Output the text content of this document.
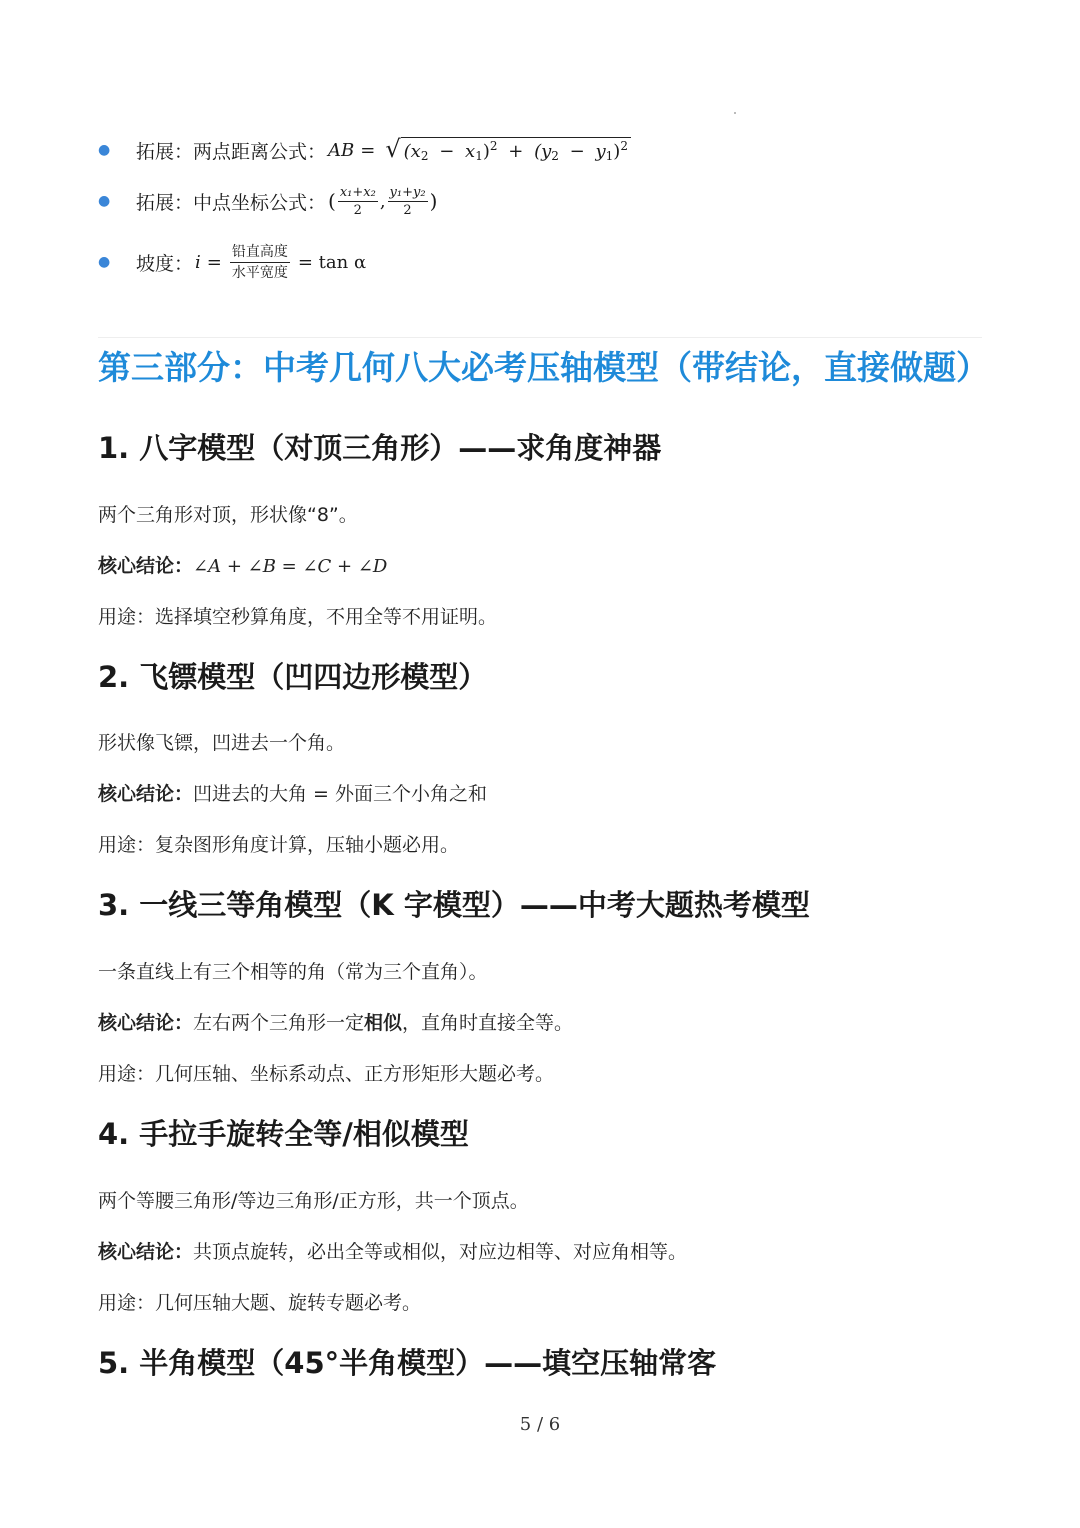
●	拓展：两点距离公式： AB = √ $(x_2 - x_1)^2 + (y_2 - y_1)^2$
●	拓展：中点坐标公式： ( $\frac{\text{x₁+x₂}}{2}$ , $\frac{\text{y₁+y₂}}{2}$ )
●	坡度： $i = \frac{\text{铅直高度}}{\text{水平宽度}} = \tan \alpha$
第三部分：中考几何八大必考压轴模型（带结论，直接做题）
1. 八字模型（对顶三角形）——求角度神器
两个三角形对顶，形状像“8”。
核心结论：∠A + ∠B = ∠C + ∠D
用途：选择填空秒算角度，不用全等不用证明。
2. 飞镖模型（凹四边形模型）
形状像飞镖，凹进去一个角。
核心结论：凹进去的大角 = 外面三个小角之和
用途：复杂图形角度计算，压轴小题必用。
3. 一线三等角模型（K 字模型）——中考大题热考模型
一条直线上有三个相等的角（常为三个直角）。
核心结论：左右两个三角形一定相似，直角时直接全等。
用途：几何压轴、坐标系动点、正方形矩形大题必考。
4. 手拉手旋转全等/相似模型
两个等腰三角形/等边三角形/正方形，共一个顶点。
核心结论：共顶点旋转，必出全等或相似，对应边相等、对应角相等。
用途：几何压轴大题、旋转专题必考。
5. 半角模型（45°半角模型）——填空压轴常客
5 / 6
